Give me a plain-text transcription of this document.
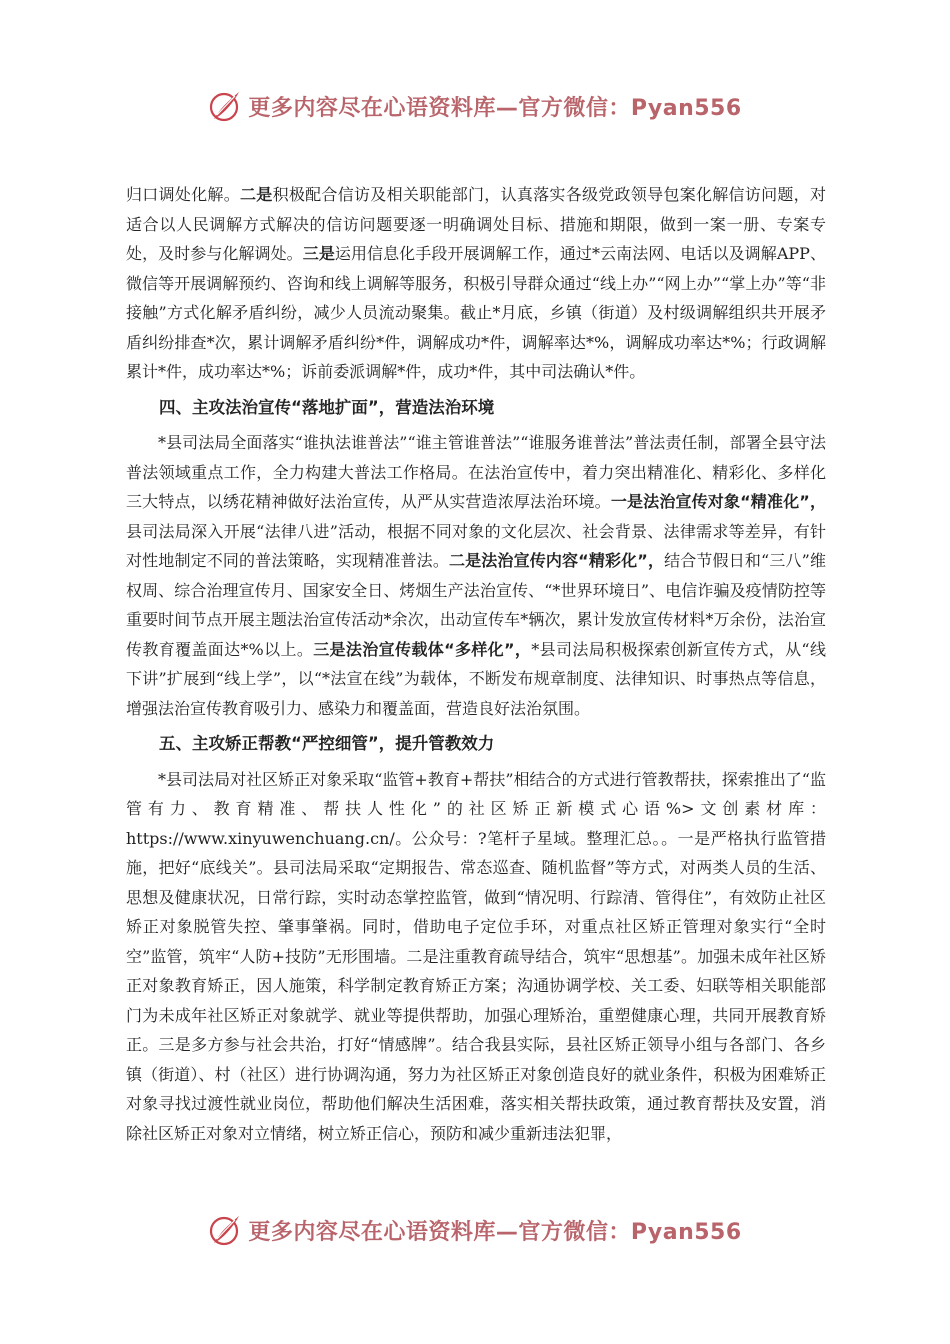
更多内容尽在心语资料库—官方微信：Pyan556

归口调处化解。二是积极配合信访及相关职能部门，认真落实各级党政领导包案化解信访问题，对适合以人民调解方式解决的信访问题要逐一明确调处目标、措施和期限，做到一案一册、专案专处，及时参与化解调处。三是运用信息化手段开展调解工作，通过*云南法网、电话以及调解APP、微信等开展调解预约、咨询和线上调解等服务，积极引导群众通过“线上办”“网上办”“掌上办”等“非接触”方式化解矛盾纠纷，减少人员流动聚集。截止*月底，乡镇（街道）及村级调解组织共开展矛盾纠纷排查*次，累计调解矛盾纠纷*件，调解成功*件，调解率达*%，调解成功率达*%；行政调解累计*件，成功率达*%；诉前委派调解*件，成功*件，其中司法确认*件。

四、主攻法治宣传“落地扩面”，营造法治环境

*县司法局全面落实“谁执法谁普法”“谁主管谁普法”“谁服务谁普法”普法责任制，部署全县守法普法领域重点工作，全力构建大普法工作格局。在法治宣传中，着力突出精准化、精彩化、多样化三大特点，以绣花精神做好法治宣传，从严从实营造浓厚法治环境。一是法治宣传对象“精准化”，县司法局深入开展“法律八进”活动，根据不同对象的文化层次、社会背景、法律需求等差异，有针对性地制定不同的普法策略，实现精准普法。二是法治宣传内容“精彩化”，结合节假日和“三八”维权周、综合治理宣传月、国家安全日、烤烟生产法治宣传、“*世界环境日”、电信诈骗及疫情防控等重要时间节点开展主题法治宣传活动*余次，出动宣传车*辆次，累计发放宣传材料*万余份，法治宣传教育覆盖面达*%以上。三是法治宣传载体“多样化”，*县司法局积极探索创新宣传方式，从“线下讲”扩展到“线上学”，以“*法宣在线”为载体，不断发布规章制度、法律知识、时事热点等信息，增强法治宣传教育吸引力、感染力和覆盖面，营造良好法治氛围。

五、主攻矫正帮教“严控细管”，提升管教效力

*县司法局对社区矫正对象采取“监管+教育+帮扶”相结合的方式进行管教帮扶，探索推出了“监管有力、教育精准、帮扶人性化”的社区矫正新模式心语%>文创素材库：https://www.xinyuwenchuang.cn/。公众号：?笔杆子星域。整理汇总。。一是严格执行监管措施，把好“底线关”。县司法局采取“定期报告、常态巡查、随机监督”等方式，对两类人员的生活、思想及健康状况，日常行踪，实时动态掌控监管，做到“情况明、行踪清、管得住”，有效防止社区矫正对象脱管失控、肇事肇祸。同时，借助电子定位手环，对重点社区矫正管理对象实行“全时空”监管，筑牢“人防+技防”无形围墙。二是注重教育疏导结合，筑牢“思想基”。加强未成年社区矫正对象教育矫正，因人施策，科学制定教育矫正方案；沟通协调学校、关工委、妇联等相关职能部门为未成年社区矫正对象就学、就业等提供帮助，加强心理矫治，重塑健康心理，共同开展教育矫正。三是多方参与社会共治，打好“情感牌”。结合我县实际，县社区矫正领导小组与各部门、各乡镇（街道）、村（社区）进行协调沟通，努力为社区矫正对象创造良好的就业条件，积极为困难矫正对象寻找过渡性就业岗位，帮助他们解决生活困难，落实相关帮扶政策，通过教育帮扶及安置，消除社区矫正对象对立情绪，树立矫正信心，预防和减少重新违法犯罪，

更多内容尽在心语资料库—官方微信：Pyan556
